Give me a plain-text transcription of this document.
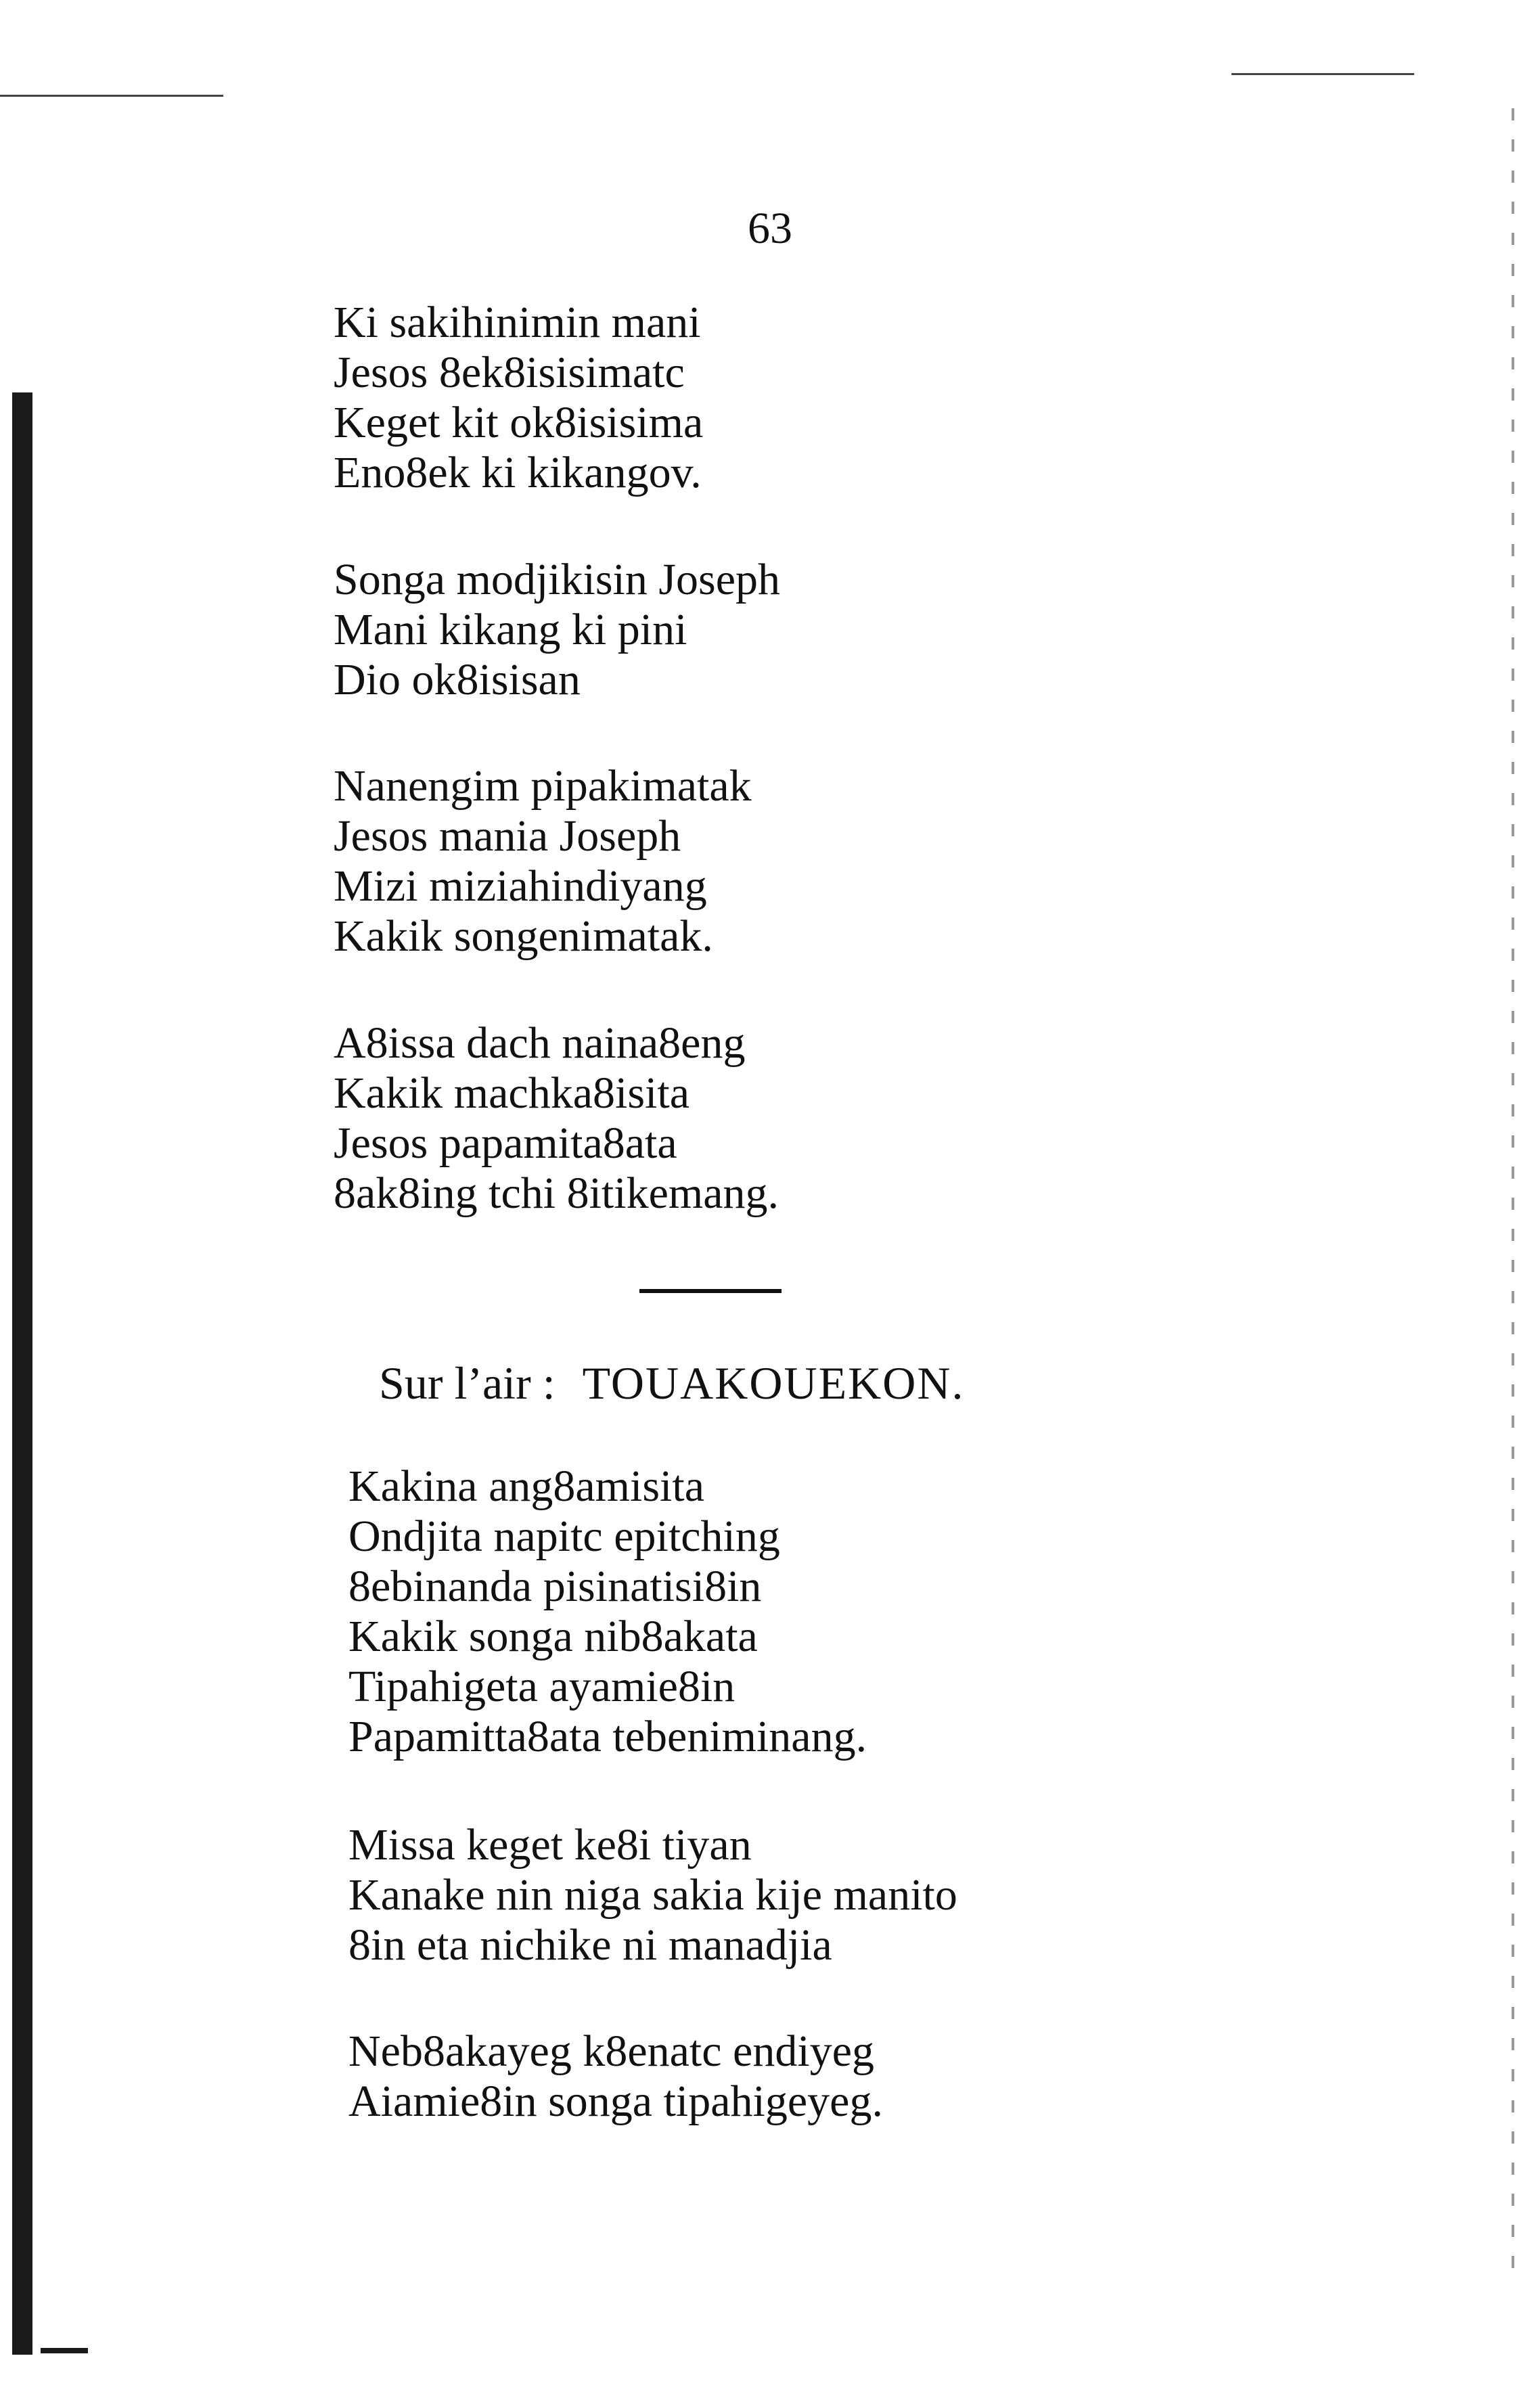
63
Ki sakihinimin mani
Jesos 8ek8isisimatc
Keget kit ok8isisima
Eno8ek ki kikangov.
Songa modjikisin Joseph
Mani kikang ki pini
Dio ok8isisan
Nanengim pipakimatak
Jesos mania Joseph
Mizi miziahindiyang
Kakik songenimatak.
A8issa dach naina8eng
Kakik machka8isita
Jesos papamita8ata
8ak8ing tchi 8itikemang.
Sur l’air : TOUAKOUEKON.
Kakina ang8amisita
Ondjita napitc epitching
8ebinanda pisinatisi8in
Kakik songa nib8akata
Tipahigeta ayamie8in
Papamitta8ata tebeniminang.
Missa keget ke8i tiyan
Kanake nin niga sakia kije manito
8in eta nichike ni manadjia
Neb8akayeg k8enatc endiyeg
Aiamie8in songa tipahigeyeg.
